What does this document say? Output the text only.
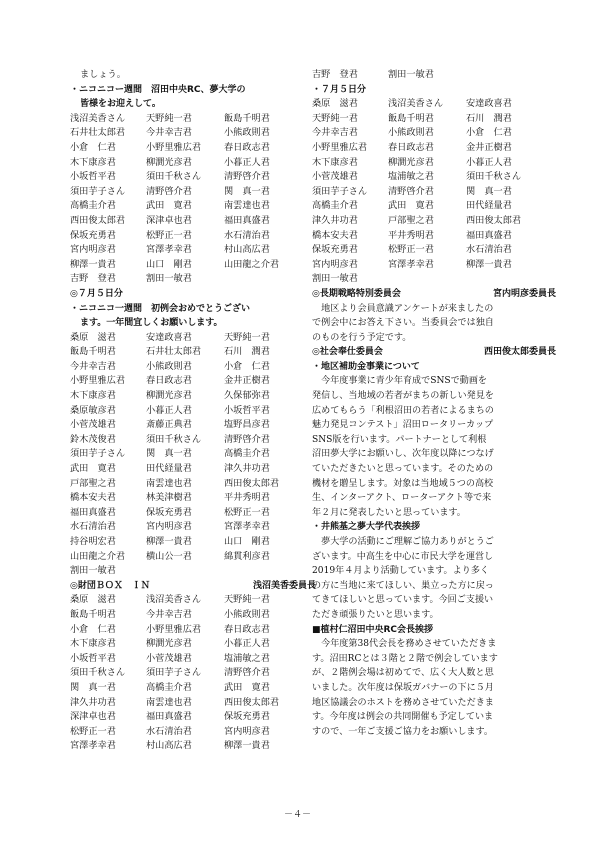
ましょう。
・ニコニコー週間　沼田中央RC、夢大学の
皆様をお迎えして。
浅沼美香さん	天野純一君	飯島千明君
石井壮太郎君	今井幸吉君	小熊政則君
小倉　仁君	小野里雅広君	春日政志君
木下康彦君	柳澗光彦君	小暮正人君
小坂哲平君	須田千秋さん	清野啓介君
須田芋子さん	清野啓介君	関　真一君
高橋圭介君	武田　寛君	南雲達也君
西田俊太郎君	深津卓也君	福田真盛君
保坂充勇君	松野正一君	水石清治君
宮内明彦君	宮澤孝幸君	村山高広君
柳澤一貴君	山口　剛君	山田龍之介君
吉野　登君	割田一敏君
◎７月５日分
・ニコニコ一週間　初例会おめでとうござい
ます。一年間宜しくお願いします。
桑原　滋君	安達政喜君	天野純一君
飯島千明君	石井壮太郎君	石川　潤君
今井幸吉君	小熊政則君	小倉　仁君
小野里雅広君	春日政志君	金井正樹君
木下康彦君	柳澗光彦君	久保郁弥君
桑原敏彦君	小暮正人君	小坂哲平君
小菅茂雄君	斎藤正典君	塩野昌彦君
鈴木茂俊君	須田千秋さん	清野啓介君
須田芋子さん	関　真一君	高橋圭介君
武田　寛君	田代経量君	津久井功君
戸部聖之君	南雲達也君	西田俊太郎君
橋本安夫君	林美津樹君	平井秀明君
福田真盛君	保坂充勇君	松野正一君
水石清治君	宮内明彦君	宮澤孝幸君
持谷明宏君	柳澤一貴君	山口　剛君
山田龍之介君	横山公一君	綿貫利彦君
割田一敏君
◎財団ＢＯＸ　ＩＮ	浅沼美香委員長
桑原　滋君	浅沼美香さん	天野純一君
飯島千明君	今井幸吉君	小熊政則君
小倉　仁君	小野里雅広君	春日政志君
木下康彦君	柳澗光彦君	小暮正人君
小坂哲平君	小菅茂雄君	塩浦敏之君
須田千秋さん	須田芋子さん	清野啓介君
関　真一君	高橋圭介君	武田　寛君
津久井功君	南雲達也君	西田俊太郎君
深津卓也君	福田真盛君	保坂充勇君
松野正一君	水石清治君	宮内明彦君
宮澤孝幸君	村山高広君	柳澤一貴君
吉野　登君	割田一敏君
・７月５日分
桑原　滋君	浅沼美香さん	安達政喜君
天野純一君	飯島千明君	石川　潤君
今井幸吉君	小熊政則君	小倉　仁君
小野里雅広君	春日政志君	金井正樹君
木下康彦君	柳澗光彦君	小暮正人君
小菅茂雄君	塩浦敏之君	須田千秋さん
須田芋子さん	清野啓介君	関　真一君
高橋圭介君	武田　寛君	田代経量君
津久井功君	戸部聖之君	西田俊太郎君
橋本安夫君	平井秀明君	福田真盛君
保坂充勇君	松野正一君	水石清治君
宮内明彦君	宮澤孝幸君	柳澤一貴君
割田一敏君
◎長期戦略特別委員会	宮内明彦委員長
　地区より会員意識アンケートが来ましたの
で例会中にお答え下さい。当委員会では独自
のものを行う予定です。
◎社会奉仕委員会	西田俊太郎委員長
・地区補助金事業について
　今年度事業に青少年育成でSNSで動画を
発信し、当地域の若者がまちの新しい発見を
広めてもらう「利根沼田の若者によるまちの
魅力発見コンテスト」沼田ロータリーカップ
SNS版を行います。パートナーとして利根
沼田夢大学にお願いし、次年度以降につなげ
ていただきたいと思っています。そのための
機材を贈呈します。対象は当地域５つの高校
生、インターアクト、ローターアクト等で来
年２月に発表したいと思っています。
・井熊基之夢大学代表挨拶
　夢大学の活動にご理解ご協力ありがとうご
ざいます。中高生を中心に市民大学を運営し
2019年４月より活動しています。より多く
の方に当地に来てほしい、巣立った方に戻っ
てきてほしいと思っています。今回ご支援い
ただき頑張りたいと思います。
■植村仁沼田中央RC会長挨拶
　今年度第38代会長を務めさせていただきま
す。沼田RCとは３階と２階で例会しています
が、２階例会場は初めてで、広く大人数と思
いました。次年度は保坂ガバナーの下に５月
地区協議会のホストを務めさせていただきま
す。今年度は例会の共同開催も予定していま
すので、一年ご支援ご協力をお願いします。
－４－
